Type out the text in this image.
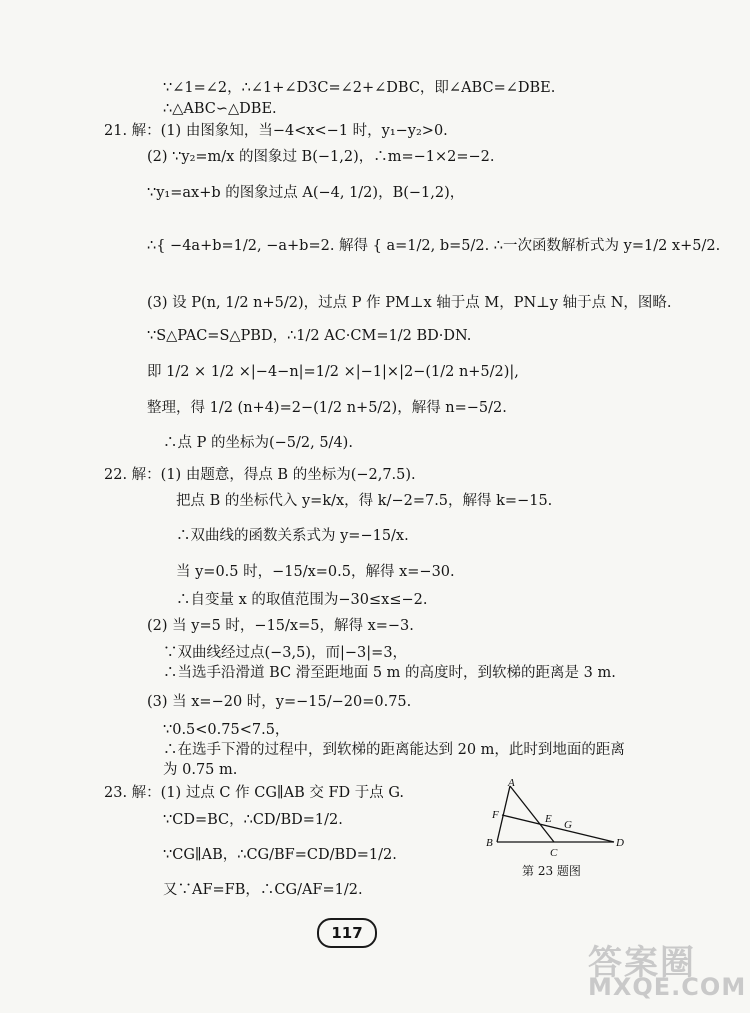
∵∠1=∠2，∴∠1+∠D3C=∠2+∠DBC，即∠ABC=∠DBE.
∴△ABC∽△DBE.
21. 解：(1) 由图象知，当−4<x<−1 时，y₁−y₂>0.
(2) ∵y₂=m/x 的图象过 B(−1,2)，∴m=−1×2=−2.
∵y₁=ax+b 的图象过点 A(−4, 1/2)，B(−1,2)，
∴{ −4a+b=1/2, −a+b=2. 解得 { a=1/2, b=5/2. ∴一次函数解析式为 y=1/2 x+5/2.
(3) 设 P(n, 1/2 n+5/2)，过点 P 作 PM⊥x 轴于点 M，PN⊥y 轴于点 N，图略.
∵S△PAC=S△PBD，∴1/2 AC·CM=1/2 BD·DN.
即 1/2 × 1/2 ×|−4−n|=1/2 ×|−1|×|2−(1/2 n+5/2)|,
整理，得 1/2 (n+4)=2−(1/2 n+5/2)，解得 n=−5/2.
∴点 P 的坐标为(−5/2, 5/4).
22. 解：(1) 由题意，得点 B 的坐标为(−2,7.5).
把点 B 的坐标代入 y=k/x，得 k/−2=7.5，解得 k=−15.
∴双曲线的函数关系式为 y=−15/x.
当 y=0.5 时，−15/x=0.5，解得 x=−30.
∴自变量 x 的取值范围为−30≤x≤−2.
(2) 当 y=5 时，−15/x=5，解得 x=−3.
∵双曲线经过点(−3,5)，而|−3|=3，
∴当选手沿滑道 BC 滑至距地面 5 m 的高度时，到软梯的距离是 3 m.
(3) 当 x=−20 时，y=−15/−20=0.75.
∵0.5<0.75<7.5，
∴在选手下滑的过程中，到软梯的距离能达到 20 m，此时到地面的距离
为 0.75 m.
23. 解：(1) 过点 C 作 CG∥AB 交 FD 于点 G.
∵CD=BC，∴CD/BD=1/2.
∵CG∥AB，∴CG/BF=CD/BD=1/2.
又∵AF=FB，∴CG/AF=1/2.
A
F	E G
B
C
D
第 23 题图
117
答案圈
MXQE.COM
